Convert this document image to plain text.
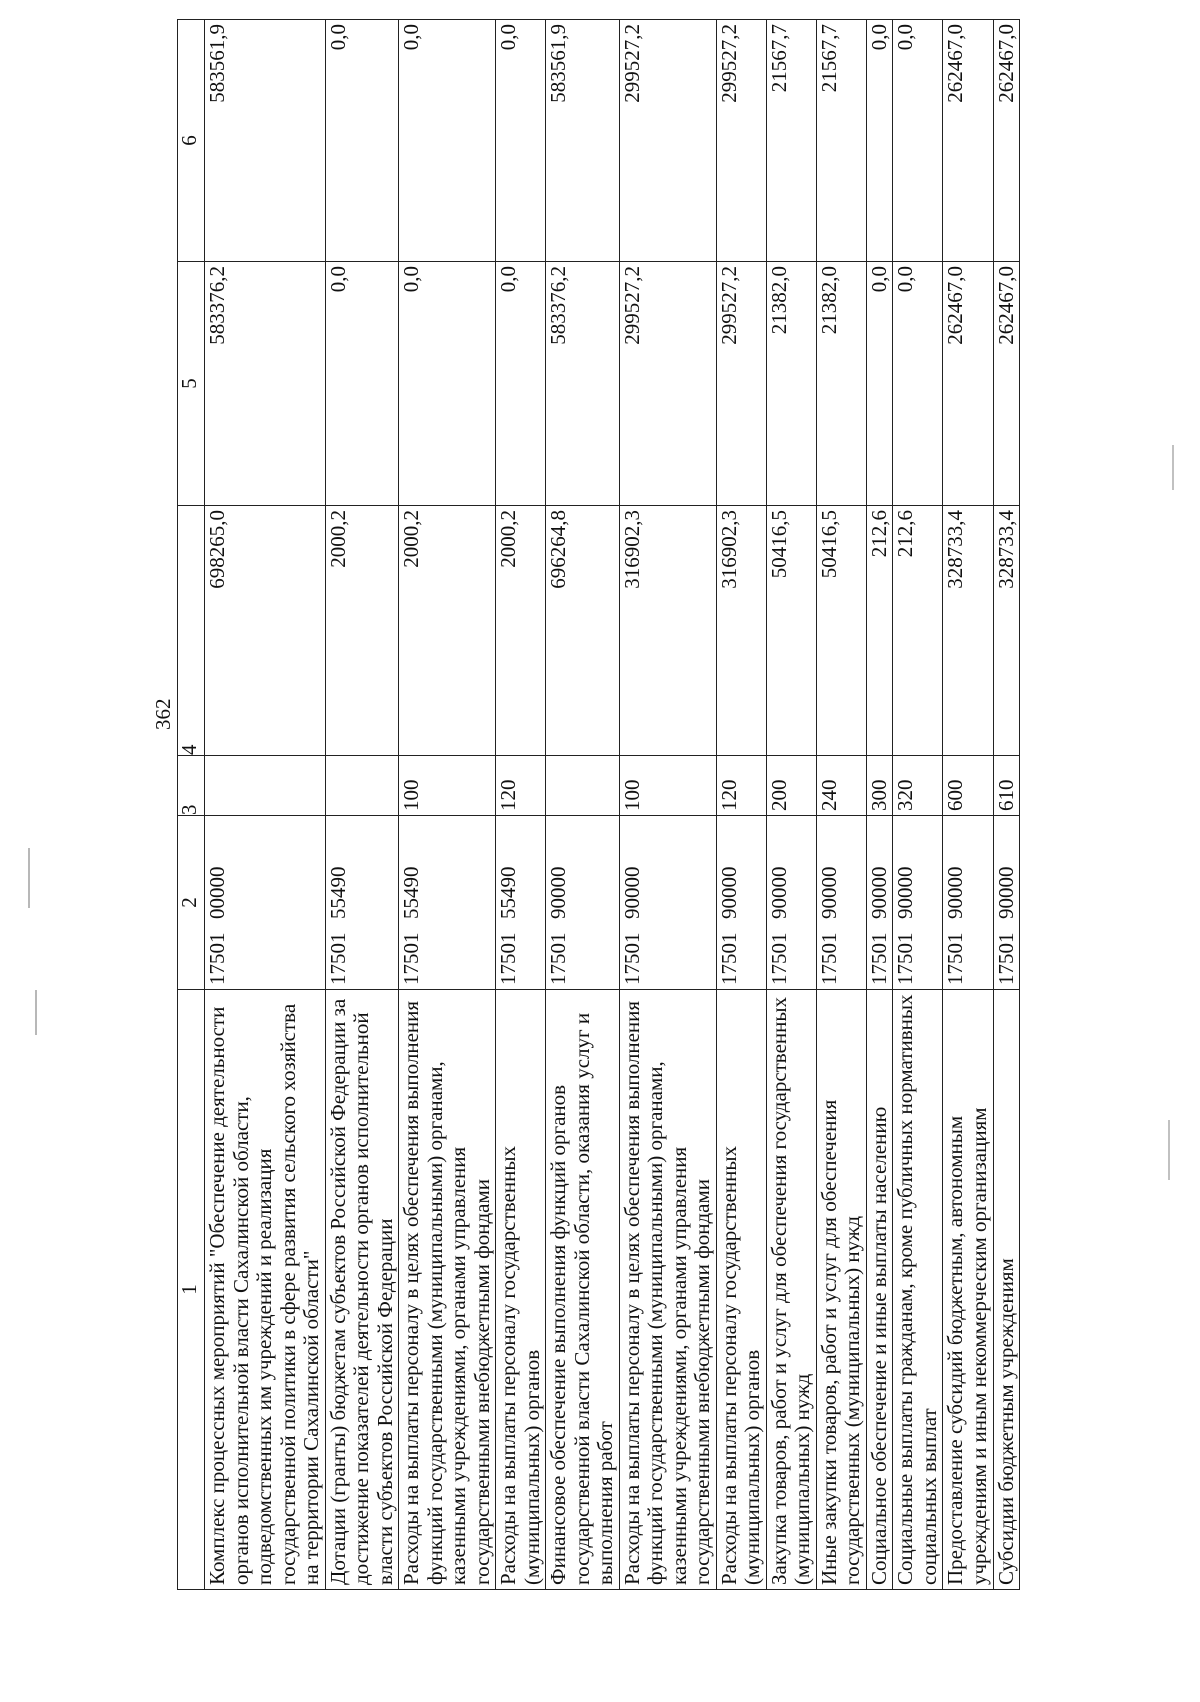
362
1	2	3	4	5	6
Комплекс процессных мероприятий "Обеспечение деятельности органов исполнительной власти Сахалинской области, подведомственных им учреждений и реализация государственной политики в сфере развития сельского хозяйства на территории Сахалинской области"	1750100000		698265,0	583376,2	583561,9
Дотации (гранты) бюджетам субъектов Российской Федерации за достижение показателей деятельности органов исполнительной власти субъектов Российской Федерации	1750155490		2000,2	0,0	0,0
Расходы на выплаты персоналу в целях обеспечения выполнения функций государственными (муниципальными) органами, казенными учреждениями, органами управления государственными внебюджетными фондами	1750155490	100	2000,2	0,0	0,0
Расходы на выплаты персоналу государственных (муниципальных) органов	1750155490	120	2000,2	0,0	0,0
Финансовое обеспечение выполнения функций органов государственной власти Сахалинской области, оказания услуг и выполнения работ	1750190000		696264,8	583376,2	583561,9
Расходы на выплаты персоналу в целях обеспечения выполнения функций государственными (муниципальными) органами, казенными учреждениями, органами управления государственными внебюджетными фондами	1750190000	100	316902,3	299527,2	299527,2
Расходы на выплаты персоналу государственных (муниципальных) органов	1750190000	120	316902,3	299527,2	299527,2
Закупка товаров, работ и услуг для обеспечения государственных (муниципальных) нужд	1750190000	200	50416,5	21382,0	21567,7
Иные закупки товаров, работ и услуг для обеспечения государственных (муниципальных) нужд	1750190000	240	50416,5	21382,0	21567,7
Социальное обеспечение и иные выплаты населению	1750190000	300	212,6	0,0	0,0
Социальные выплаты гражданам, кроме публичных нормативных социальных выплат	1750190000	320	212,6	0,0	0,0
Предоставление субсидий бюджетным, автономным учреждениям и иным некоммерческим организациям	1750190000	600	328733,4	262467,0	262467,0
Субсидии бюджетным учреждениям	1750190000	610	328733,4	262467,0	262467,0
